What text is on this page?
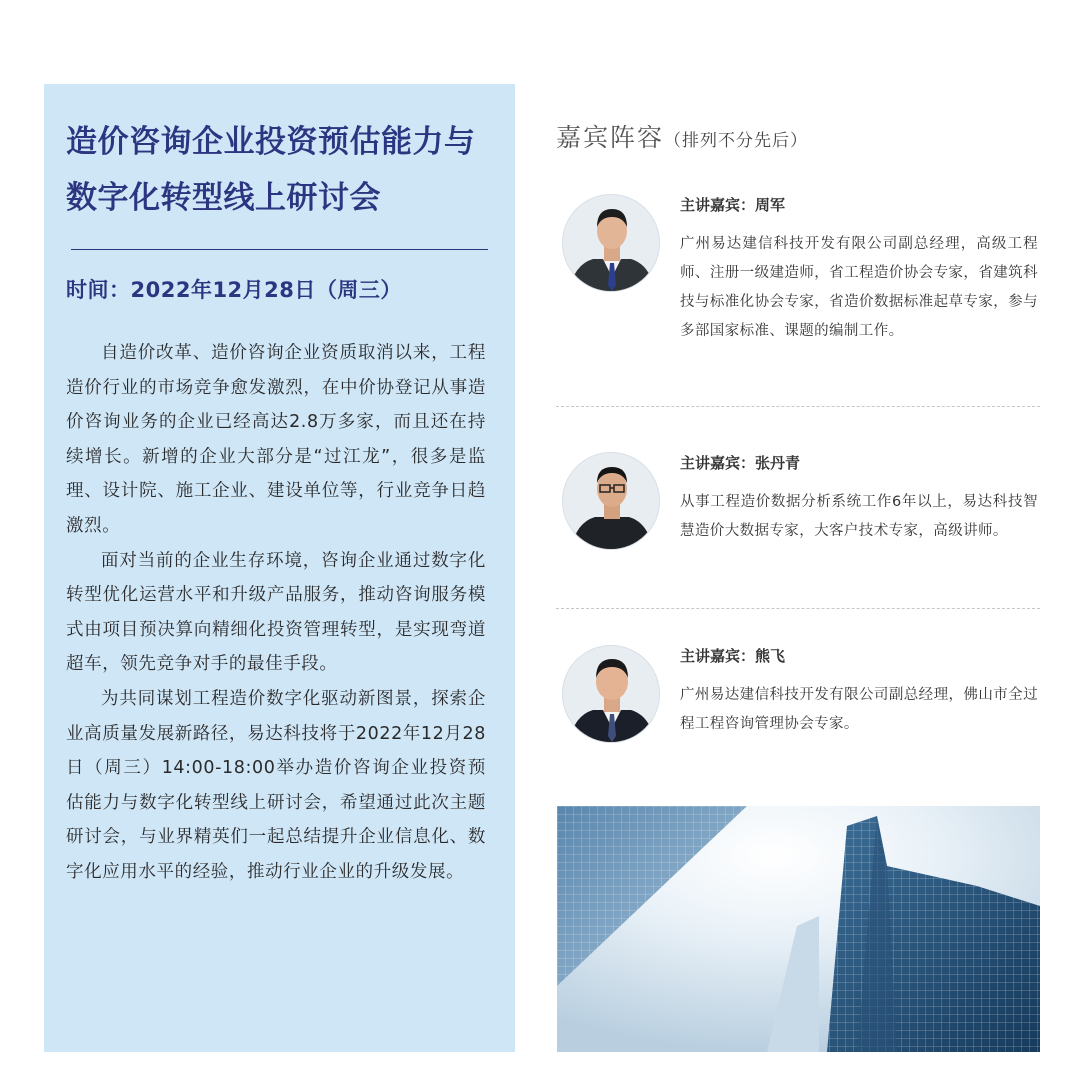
造价咨询企业投资预估能力与数字化转型线上研讨会
时间：2022年12月28日（周三）

自造价改革、造价咨询企业资质取消以来，工程造价行业的市场竞争愈发激烈，在中价协登记从事造价咨询业务的企业已经高达2.8万多家，而且还在持续增长。新增的企业大部分是“过江龙”，很多是监理、设计院、施工企业、建设单位等，行业竞争日趋激烈。

面对当前的企业生存环境，咨询企业通过数字化转型优化运营水平和升级产品服务，推动咨询服务模式由项目预决算向精细化投资管理转型，是实现弯道超车，领先竞争对手的最佳手段。

为共同谋划工程造价数字化驱动新图景，探索企业高质量发展新路径，易达科技将于2022年12月28日（周三）14:00-18:00举办造价咨询企业投资预估能力与数字化转型线上研讨会，希望通过此次主题研讨会，与业界精英们一起总结提升企业信息化、数字化应用水平的经验，推动行业企业的升级发展。

嘉宾阵容（排列不分先后）
主讲嘉宾：周军
广州易达建信科技开发有限公司副总经理，高级工程师、注册一级建造师，省工程造价协会专家，省建筑科技与标准化协会专家，省造价数据标准起草专家，参与多部国家标准、课题的编制工作。
主讲嘉宾：张丹青
从事工程造价数据分析系统工作6年以上，易达科技智慧造价大数据专家，大客户技术专家，高级讲师。
主讲嘉宾：熊飞
广州易达建信科技开发有限公司副总经理，佛山市全过程工程咨询管理协会专家。
